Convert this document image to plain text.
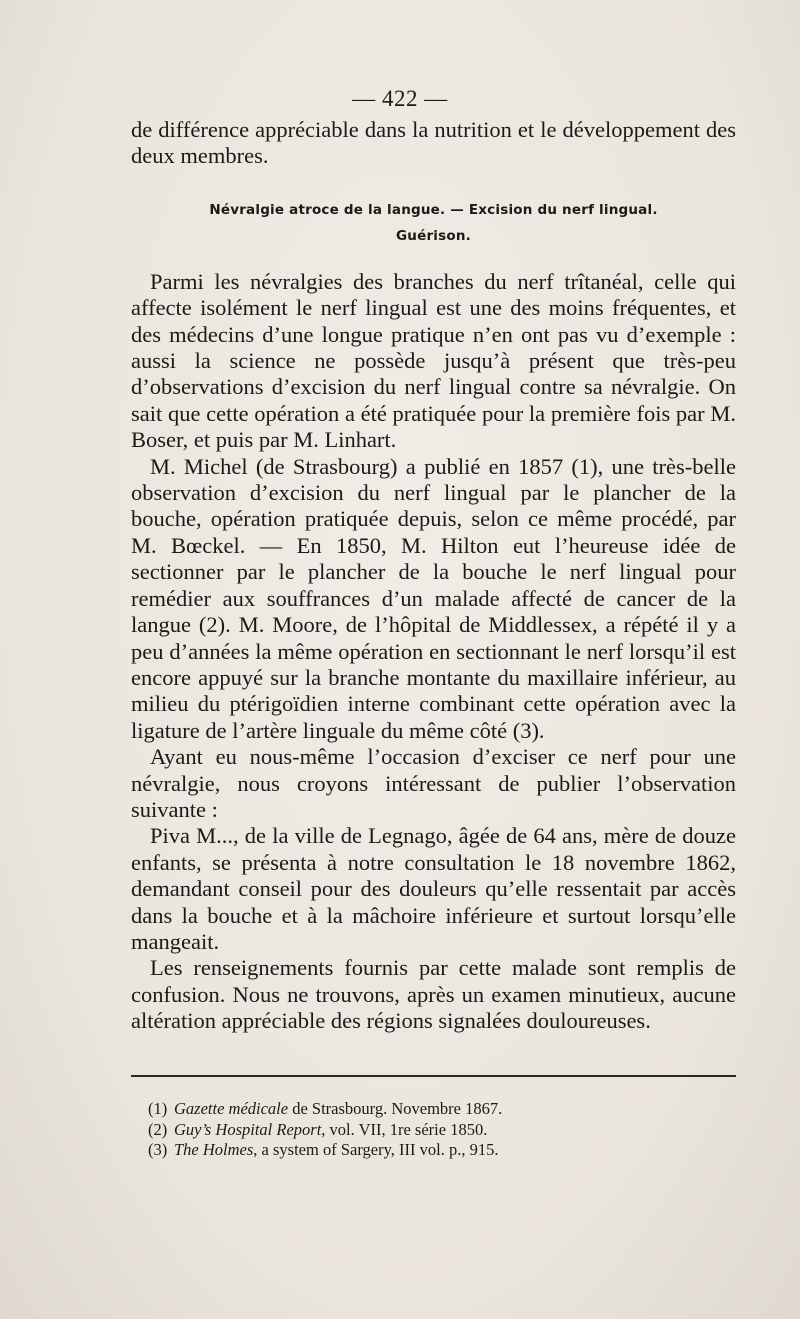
— 422 —

de différence appréciable dans la nutrition et le développement des deux membres.

Névralgie atroce de la langue. — Excision du nerf lingual.
Guérison.

Parmi les névralgies des branches du nerf trîtanéal, celle qui affecte isolément le nerf lingual est une des moins fréquentes, et des médecins d’une longue pratique n’en ont pas vu d’exemple : aussi la science ne possède jusqu’à présent que très-peu d’observations d’excision du nerf lingual contre sa névralgie. On sait que cette opération a été pratiquée pour la première fois par M. Boser, et puis par M. Linhart.

M. Michel (de Strasbourg) a publié en 1857 (1), une très-belle observation d’excision du nerf lingual par le plancher de la bouche, opération pratiquée depuis, selon ce même procédé, par M. Bœckel. — En 1850, M. Hilton eut l’heureuse idée de sectionner par le plancher de la bouche le nerf lingual pour remédier aux souffrances d’un malade affecté de cancer de la langue (2). M. Moore, de l’hôpital de Middlessex, a répété il y a peu d’années la même opération en sectionnant le nerf lorsqu’il est encore appuyé sur la branche montante du maxillaire inférieur, au milieu du ptérigoïdien interne combinant cette opération avec la ligature de l’artère linguale du même côté (3).

Ayant eu nous-même l’occasion d’exciser ce nerf pour une névralgie, nous croyons intéressant de publier l’observation suivante :

Piva M..., de la ville de Legnago, âgée de 64 ans, mère de douze enfants, se présenta à notre consultation le 18 novembre 1862, demandant conseil pour des douleurs qu’elle ressentait par accès dans la bouche et à la mâchoire inférieure et surtout lorsqu’elle mangeait.

Les renseignements fournis par cette malade sont remplis de confusion. Nous ne trouvons, après un examen minutieux, aucune altération appréciable des régions signalées douloureuses.

(1) Gazette médicale de Strasbourg. Novembre 1867.
(2) Guy’s Hospital Report, vol. VII, 1re série 1850.
(3) The Holmes, a system of Sargery, III vol. p., 915.
